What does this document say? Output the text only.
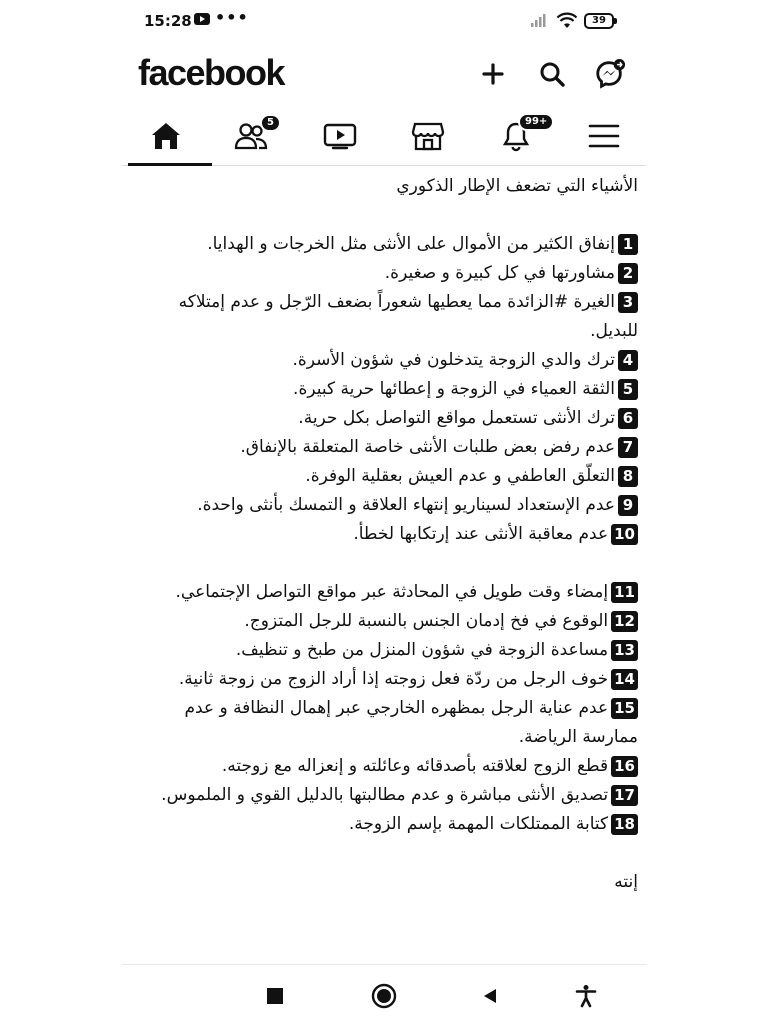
15:28 •••	39
facebook
5	99+

الأشياء التي تضعف الإطار الذكوري

1إنفاق الكثير من الأموال على الأنثى مثل الخرجات و الهدايا.

2مشاورتها في كل كبيرة و صغيرة.

3الغيرة #الزائدة مما يعطيها شعوراً بضعف الرّجل و عدم إمتلاكه للبديل.

4ترك والدي الزوجة يتدخلون في شؤون الأسرة.

5الثقة العمياء في الزوجة و إعطائها حرية كبيرة.

6ترك الأنثى تستعمل مواقع التواصل بكل حرية.

7عدم رفض بعض طلبات الأنثى خاصة المتعلقة بالإنفاق.

8التعلّق العاطفي و عدم العيش بعقلية الوفرة.

9عدم الإستعداد لسيناريو إنتهاء العلاقة و التمسك بأنثى واحدة.

10عدم معاقبة الأنثى عند إرتكابها لخطأ.

11إمضاء وقت طويل في المحادثة عبر مواقع التواصل الإجتماعي.

12الوقوع في فخ إدمان الجنس بالنسبة للرجل المتزوج.

13مساعدة الزوجة في شؤون المنزل من طبخ و تنظيف.

14خوف الرجل من ردّة فعل زوجته إذا أراد الزوج من زوجة ثانية.

15عدم عناية الرجل بمظهره الخارجي عبر إهمال النظافة و عدم ممارسة الرياضة.

16قطع الزوج لعلاقته بأصدقائه وعائلته و إنعزاله مع زوجته.

17تصديق الأنثى مباشرة و عدم مطالبتها بالدليل القوي و الملموس.

18كتابة الممتلكات المهمة بإسم الزوجة.

إنته
